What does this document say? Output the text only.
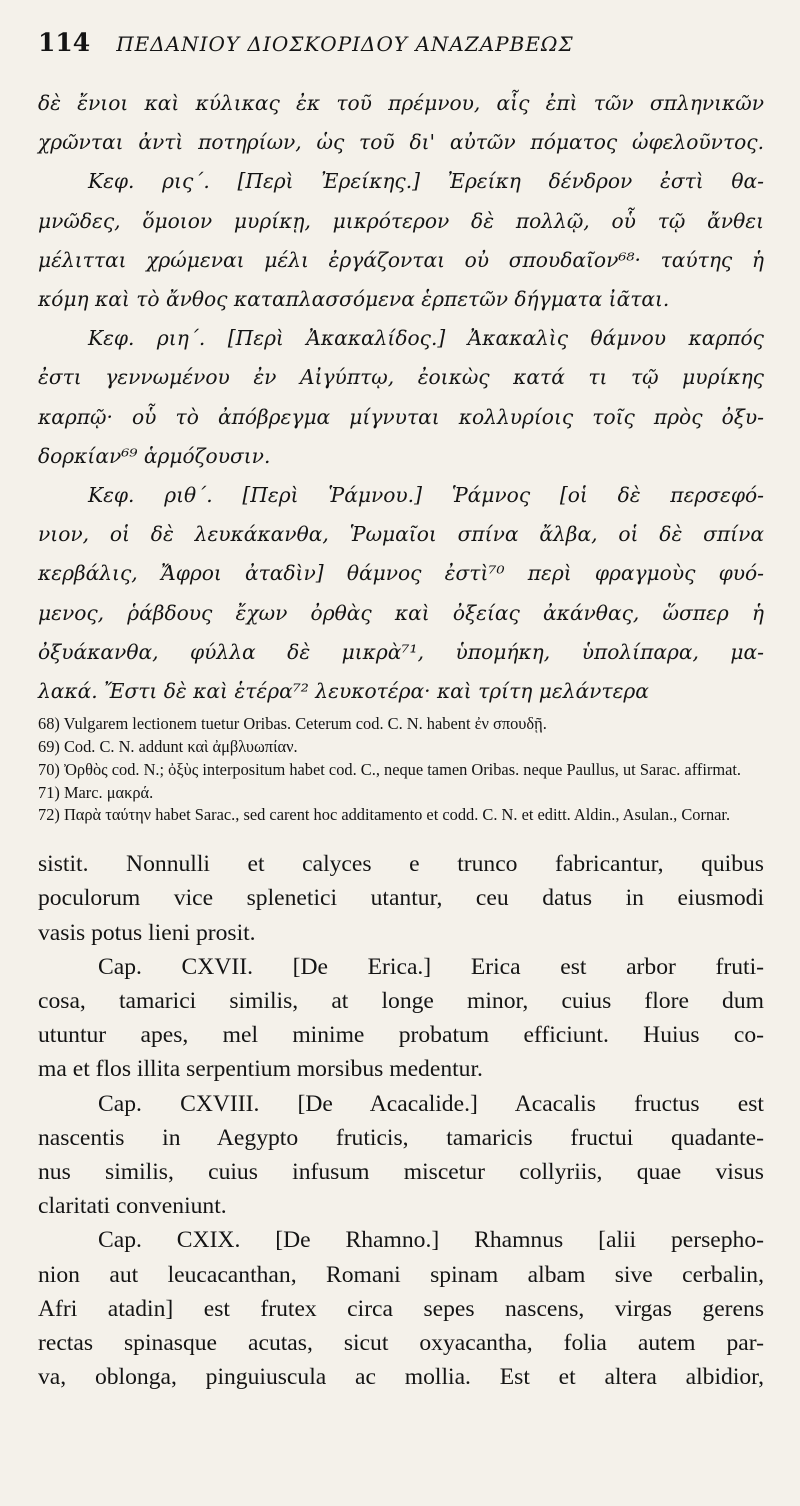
114 ΠΕΔΑΝΙΟΥ ΔΙΟΣΚΟΡΙΔΟΥ ΑΝΑΖΑΡΒΕΩΣ

δὲ ἔνιοι καὶ κύλικας ἐκ τοῦ πρέμνου, αἷς ἐπὶ τῶν σπληνικῶν

χρῶνται ἀντὶ ποτηρίων, ὡς τοῦ δι' αὐτῶν πόματος ὠφελοῦντος.

Κεφ. ρις΄. [Περὶ Ἐρείκης.] Ἐρείκη δένδρον ἐστὶ θα-

μνῶδες, ὅμοιον μυρίκῃ, μικρότερον δὲ πολλῷ, οὗ τῷ ἄνθει

μέλιτται χρώμεναι μέλι ἐργάζονται οὐ σπουδαῖον⁶⁸· ταύτης ἡ

κόμη καὶ τὸ ἄνθος καταπλασσόμενα ἑρπετῶν δήγματα ἰᾶται.

Κεφ. ριη΄. [Περὶ Ἀκακαλίδος.] Ἀκακαλὶς θάμνου καρπός

ἐστι γεννωμένου ἐν Αἰγύπτῳ, ἐοικὼς κατά τι τῷ μυρίκης

καρπῷ· οὗ τὸ ἀπόβρεγμα μίγνυται κολλυρίοις τοῖς πρὸς ὀξυ-

δορκίαν⁶⁹ ἁρμόζουσιν.

Κεφ. ριθ΄. [Περὶ Ῥάμνου.] Ῥάμνος [οἱ δὲ περσεφό-

νιον, οἱ δὲ λευκάκανθα, Ῥωμαῖοι σπίνα ἄλβα, οἱ δὲ σπίνα

κερβάλις, Ἄφροι ἀταδὶν] θάμνος ἐστὶ⁷⁰ περὶ φραγμοὺς φυό-

μενος, ῥάβδους ἔχων ὀρθὰς καὶ ὀξείας ἀκάνθας, ὥσπερ ἡ

ὀξυάκανθα, φύλλα δὲ μικρὰ⁷¹, ὑπομήκη, ὑπολίπαρα, μα-

λακά. Ἔστι δὲ καὶ ἑτέρα⁷² λευκοτέρα· καὶ τρίτη μελάντερα

68) Vulgarem lectionem tuetur Oribas. Ceterum cod. C. N. habent ἐν σπουδῇ.

69) Cod. C. N. addunt καὶ ἀμβλυωπίαν.

70) Ὀρθὸς cod. N.; ὀξὺς interpositum habet cod. C., neque tamen Oribas. neque Paullus, ut Sarac. affirmat.

71) Marc. μακρά.

72) Παρὰ ταύτην habet Sarac., sed carent hoc additamento et codd. C. N. et editt. Aldin., Asulan., Cornar.

sistit. Nonnulli et calyces e trunco fabricantur, quibus

poculorum vice splenetici utantur, ceu datus in eiusmodi

vasis potus lieni prosit.

Cap. CXVII. [De Erica.] Erica est arbor fruti-

cosa, tamarici similis, at longe minor, cuius flore dum

utuntur apes, mel minime probatum efficiunt. Huius co-

ma et flos illita serpentium morsibus medentur.

Cap. CXVIII. [De Acacalide.] Acacalis fructus est

nascentis in Aegypto fruticis, tamaricis fructui quadante-

nus similis, cuius infusum miscetur collyriis, quae visus

claritati conveniunt.

Cap. CXIX. [De Rhamno.] Rhamnus [alii persepho-

nion aut leucacanthan, Romani spinam albam sive cerbalin,

Afri atadin] est frutex circa sepes nascens, virgas gerens

rectas spinasque acutas, sicut oxyacantha, folia autem par-

va, oblonga, pinguiuscula ac mollia. Est et altera albidior,
